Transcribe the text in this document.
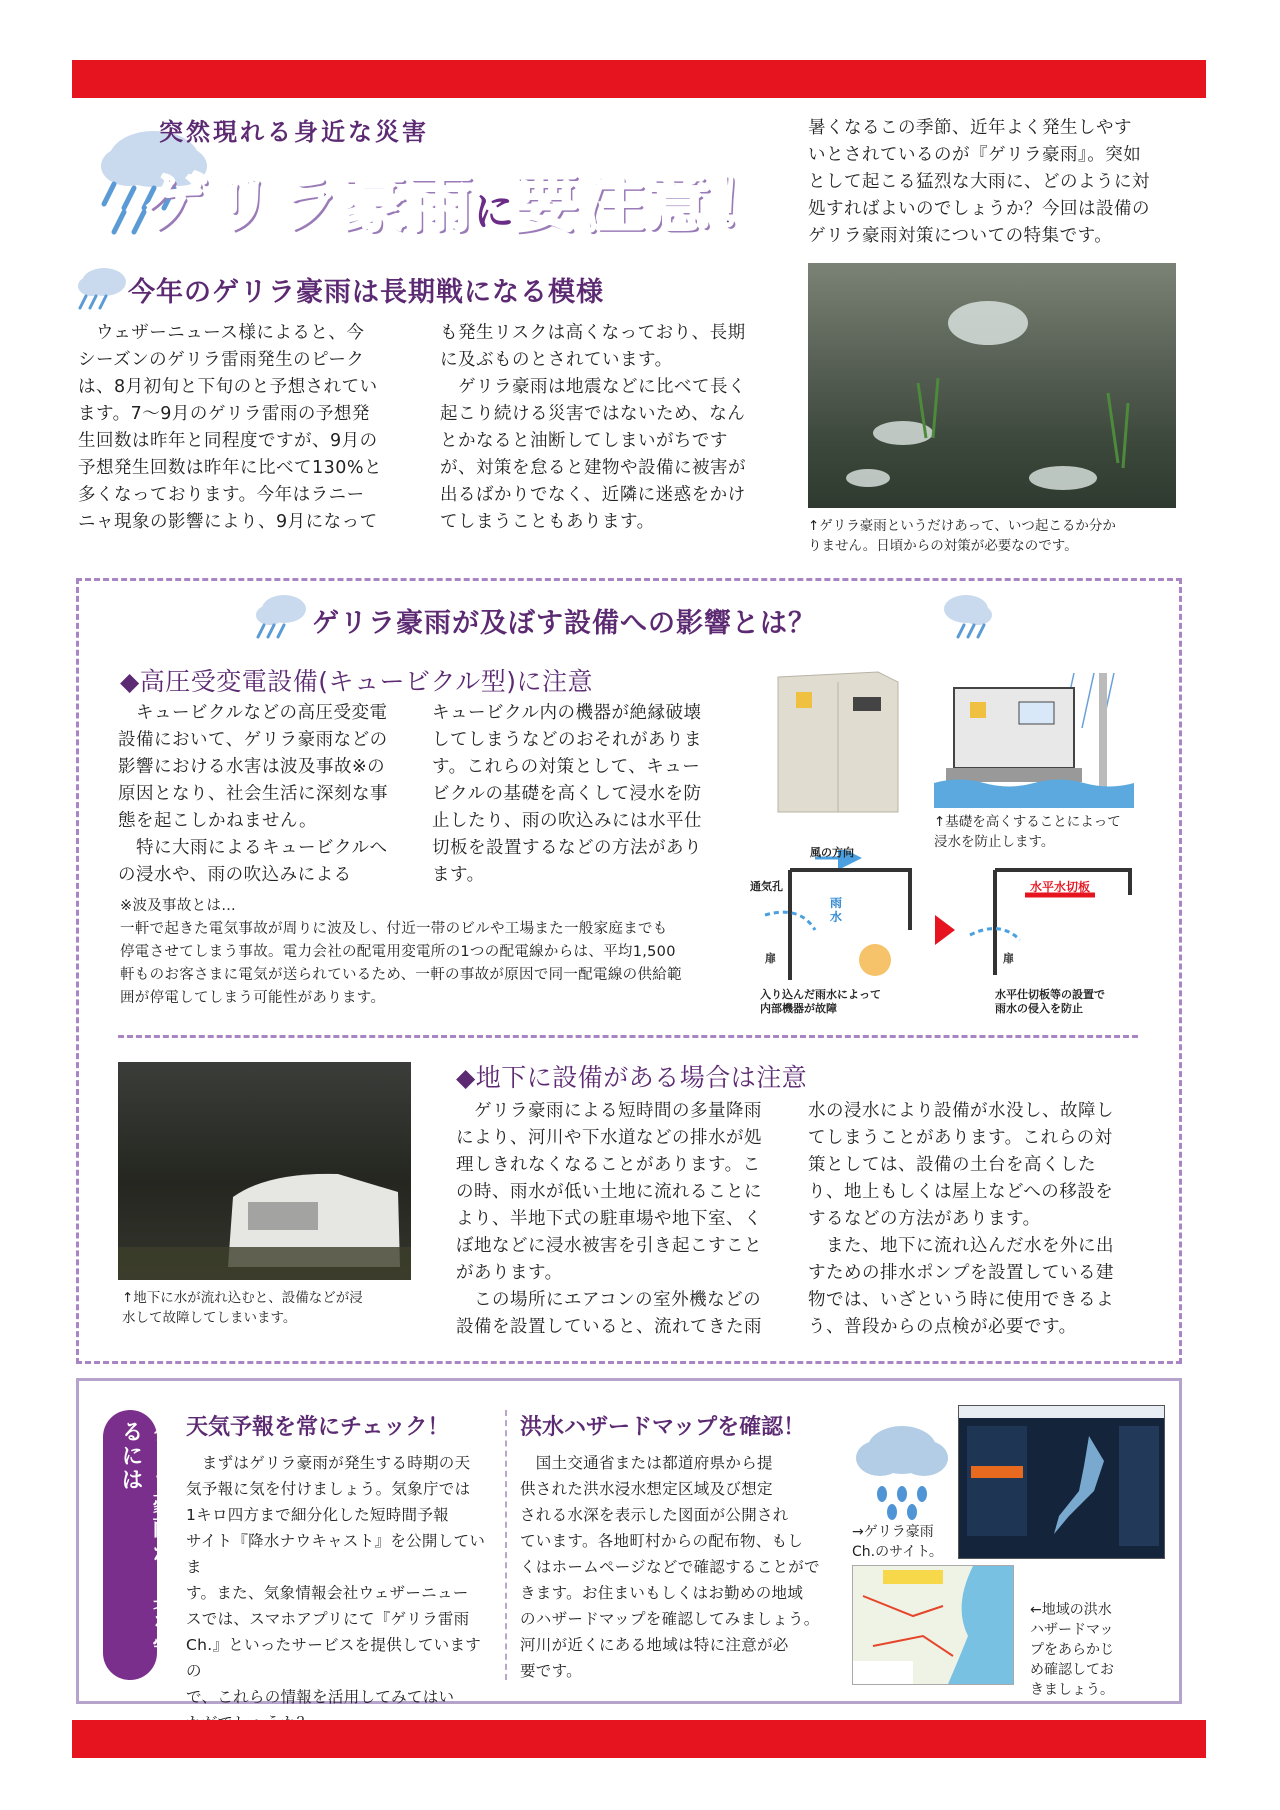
突然現れる身近な災害
ゲリラ豪雨に要注意！
暑くなるこの季節、近年よく発生しやす
いとされているのが『ゲリラ豪雨』。突如
として起こる猛烈な大雨に、どのように対
処すればよいのでしょうか？今回は設備の
ゲリラ豪雨対策についての特集です。
今年のゲリラ豪雨は長期戦になる模様
　ウェザーニュース様によると、今
シーズンのゲリラ雷雨発生のピーク
は、8月初旬と下旬のと予想されてい
ます。7〜9月のゲリラ雷雨の予想発
生回数は昨年と同程度ですが、9月の
予想発生回数は昨年に比べて130%と
多くなっております。今年はラニー
ニャ現象の影響により、9月になって
も発生リスクは高くなっており、長期
に及ぶものとされています。
　ゲリラ豪雨は地震などに比べて長く
起こり続ける災害ではないため、なん
とかなると油断してしまいがちです
が、対策を怠ると建物や設備に被害が
出るばかりでなく、近隣に迷惑をかけ
てしまうこともあります。	↑ゲリラ豪雨というだけあって、いつ起こるか分か
りません。日頃からの対策が必要なのです。
ゲリラ豪雨が及ぼす設備への影響とは？
◆高圧受変電設備(キュービクル型)に注意
　キュービクルなどの高圧受変電
設備において、ゲリラ豪雨などの
影響における水害は波及事故※の
原因となり、社会生活に深刻な事
態を起こしかねません。
　特に大雨によるキュービクルへ
の浸水や、雨の吹込みによる
キュービクル内の機器が絶縁破壊
してしまうなどのおそれがありま
す。これらの対策として、キュー
ビクルの基礎を高くして浸水を防
止したり、雨の吹込みには水平仕
切板を設置するなどの方法があり
ます。
※波及事故とは…
一軒で起きた電気事故が周りに波及し、付近一帯のビルや工場また一般家庭までも
停電させてしまう事故。電力会社の配電用変電所の1つの配電線からは、平均1,500
軒ものお客さまに電気が送られているため、一軒の事故が原因で同一配電線の供給範
囲が停電してしまう可能性があります。
↑基礎を高くすることによって
浸水を防止します。
風の方向
通気孔
雨
水
扉
入り込んだ雨水によって
内部機器が故障
水平水切板
扉
水平仕切板等の設置で
雨水の侵入を防止
↑地下に水が流れ込むと、設備などが浸
水して故障してしまいます。
◆地下に設備がある場合は注意
　ゲリラ豪雨による短時間の多量降雨
により、河川や下水道などの排水が処
理しきれなくなることがあります。こ
の時、雨水が低い土地に流れることに
より、半地下式の駐車場や地下室、く
ぼ地などに浸水被害を引き起こすこと
があります。
　この場所にエアコンの室外機などの
設備を設置していると、流れてきた雨
水の浸水により設備が水没し、故障し
てしまうことがあります。これらの対
策としては、設備の土台を高くした
り、地上もしくは屋上などへの移設を
するなどの方法があります。
　また、地下に流れ込んだ水を外に出
すための排水ポンプを設置している建
物では、いざという時に使用できるよ
う、普段からの点検が必要です。
ゲリラ豪雨から身を守るには	天気予報を常にチェック！
　まずはゲリラ豪雨が発生する時期の天
気予報に気を付けましょう。気象庁では
1キロ四方まで細分化した短時間予報
サイト『降水ナウキャスト』を公開していま
す。また、気象情報会社ウェザーニュー
スでは、スマホアプリにて『ゲリラ雷雨
Ch.』といったサービスを提供していますの
で、これらの情報を活用してみてはい

洪水ハザードマップを確認！
　国土交通省または都道府県から提
供された洪水浸水想定区域及び想定
される水深を表示した図面が公開され
ています。各地町村からの配布物、もし
くはホームページなどで確認することがで
きます。お住まいもしくはお勤めの地域
のハザードマップを確認してみましょう。
河川が近くにある地域は特に注意が必
要です。
→ゲリラ豪雨
Ch.のサイト。
←地域の洪水
ハザードマッ
プをあらかじ
め確認してお
きましょう。
